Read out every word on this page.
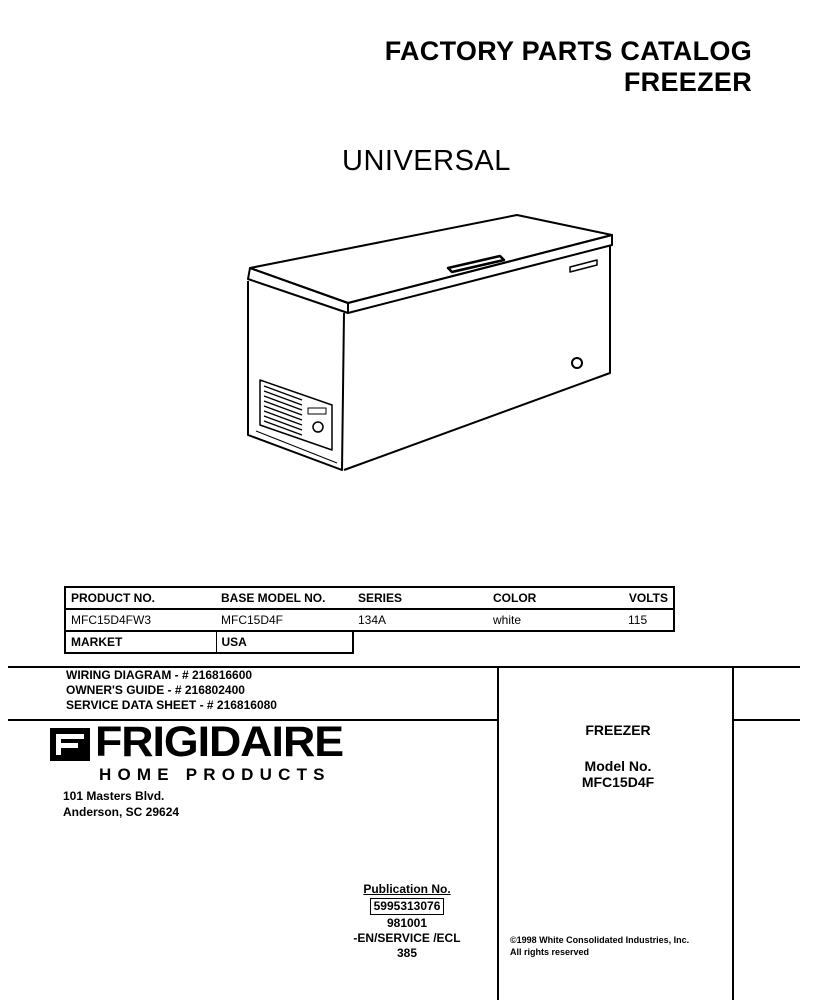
FACTORY PARTS CATALOG
FREEZER
UNIVERSAL
PRODUCT NO.	BASE MODEL NO.	SERIES	COLOR	VOLTS
MFC15D4FW3	MFC15D4F	134A	white	115
MARKET	USA			
WIRING DIAGRAM - # 216816600
OWNER'S GUIDE - # 216802400
SERVICE DATA SHEET - # 216816080
FRIGIDAIRE
HOME PRODUCTS
101 Masters Blvd.
Anderson, SC 29624
FREEZER
Model No.
MFC15D4F
Publication No.
5995313076
981001
-EN/SERVICE /ECL
385
©1998 White Consolidated Industries, Inc.
All rights reserved
